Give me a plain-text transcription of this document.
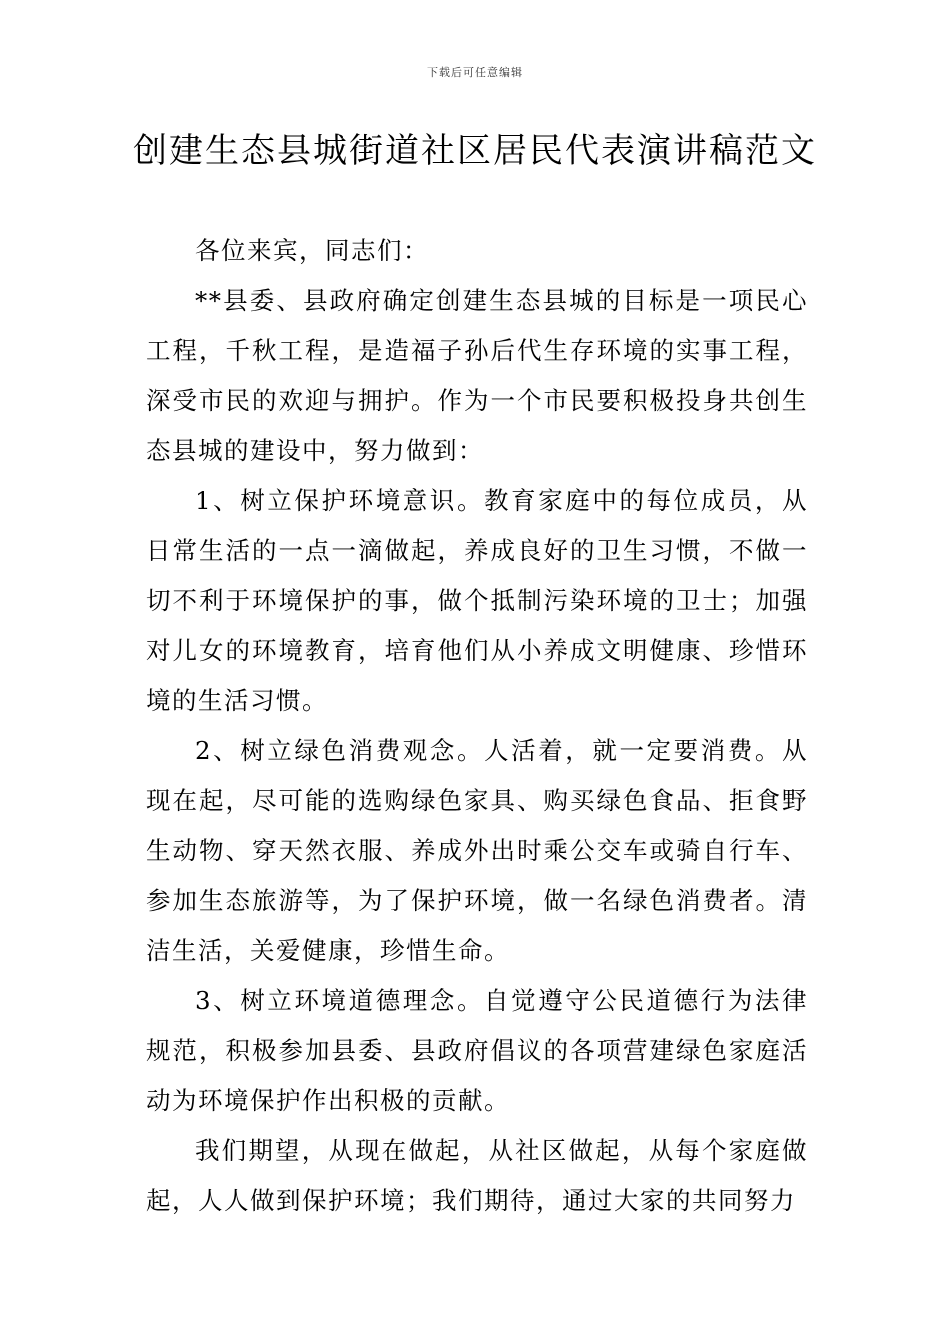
下载后可任意编辑
创建生态县城街道社区居民代表演讲稿范文

各位来宾，同志们：

**县委、县政府确定创建生态县城的目标是一项民心工程，千秋工程，是造福子孙后代生存环境的实事工程，深受市民的欢迎与拥护。作为一个市民要积极投身共创生态县城的建设中，努力做到：

1、树立保护环境意识。教育家庭中的每位成员，从日常生活的一点一滴做起，养成良好的卫生习惯，不做一切不利于环境保护的事，做个抵制污染环境的卫士；加强对儿女的环境教育，培育他们从小养成文明健康、珍惜环境的生活习惯。

2、树立绿色消费观念。人活着，就一定要消费。从现在起，尽可能的选购绿色家具、购买绿色食品、拒食野生动物、穿天然衣服、养成外出时乘公交车或骑自行车、参加生态旅游等，为了保护环境，做一名绿色消费者。清洁生活，关爱健康，珍惜生命。

3、树立环境道德理念。自觉遵守公民道德行为法律规范，积极参加县委、县政府倡议的各项营建绿色家庭活动为环境保护作出积极的贡献。

我们期望，从现在做起，从社区做起，从每个家庭做起，人人做到保护环境；我们期待，通过大家的共同努力
